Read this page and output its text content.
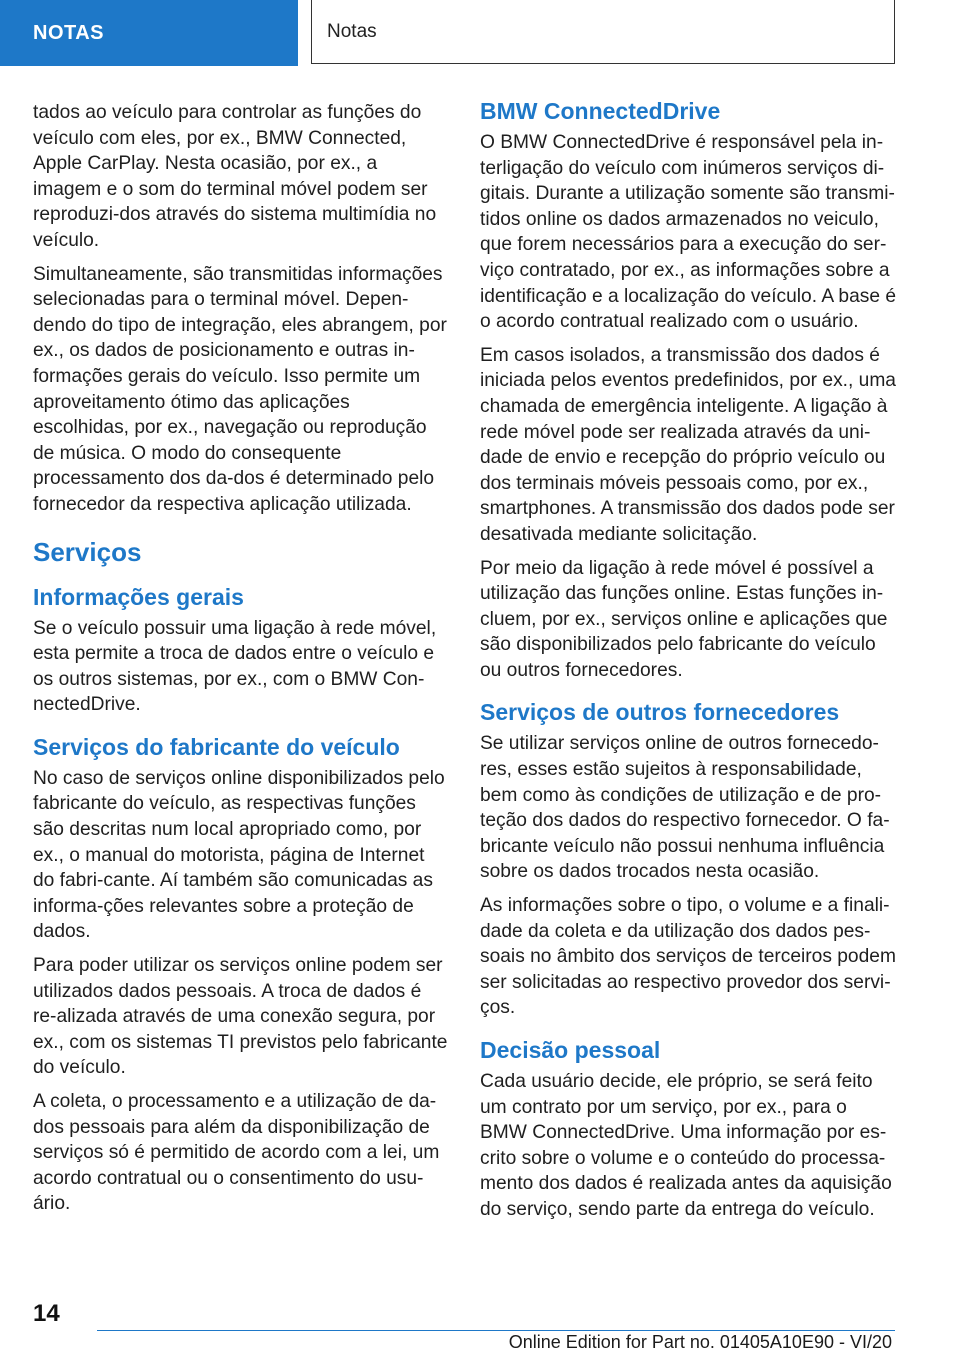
NOTAS	Notas

tados ao veículo para controlar as funções do veículo com eles, por ex., BMW Connected, Apple CarPlay. Nesta ocasião, por ex., a imagem e o som do terminal móvel podem ser reproduzi‐dos através do sistema multimídia no veículo.

Simultaneamente, são transmitidas informações selecionadas para o terminal móvel. Depen‐dendo do tipo de integração, eles abrangem, por ex., os dados de posicionamento e outras in‐formações gerais do veículo. Isso permite um aproveitamento ótimo das aplicações escolhidas, por ex., navegação ou reprodução de música. O modo do consequente processamento dos da‐dos é determinado pelo fornecedor da respectiva aplicação utilizada.

Serviços
Informações gerais

Se o veículo possuir uma ligação à rede móvel, esta permite a troca de dados entre o veículo e os outros sistemas, por ex., com o BMW Con‐nectedDrive.

Serviços do fabricante do veículo

No caso de serviços online disponibilizados pelo fabricante do veículo, as respectivas funções são descritas num local apropriado como, por ex., o manual do motorista, página de Internet do fabri‐cante. Aí também são comunicadas as informa‐ções relevantes sobre a proteção de dados.

Para poder utilizar os serviços online podem ser utilizados dados pessoais. A troca de dados é re‐alizada através de uma conexão segura, por ex., com os sistemas TI previstos pelo fabricante do veículo.

A coleta, o processamento e a utilização de da‐dos pessoais para além da disponibilização de serviços só é permitido de acordo com a lei, um acordo contratual ou o consentimento do usu‐ário.

BMW ConnectedDrive

O BMW ConnectedDrive é responsável pela in‐terligação do veículo com inúmeros serviços di‐gitais. Durante a utilização somente são transmi‐tidos online os dados armazenados no veiculo, que forem necessários para a execução do ser‐viço contratado, por ex., as informações sobre a identificação e a localização do veículo. A base é o acordo contratual realizado com o usuário.

Em casos isolados, a transmissão dos dados é iniciada pelos eventos predefinidos, por ex., uma chamada de emergência inteligente. A ligação à rede móvel pode ser realizada através da uni‐dade de envio e recepção do próprio veículo ou dos terminais móveis pessoais como, por ex., smartphones. A transmissão dos dados pode ser desativada mediante solicitação.

Por meio da ligação à rede móvel é possível a utilização das funções online. Estas funções in‐cluem, por ex., serviços online e aplicações que são disponibilizados pelo fabricante do veículo ou outros fornecedores.

Serviços de outros fornecedores

Se utilizar serviços online de outros fornecedo‐res, esses estão sujeitos à responsabilidade, bem como às condições de utilização e de pro‐teção dos dados do respectivo fornecedor. O fa‐bricante veículo não possui nenhuma influência sobre os dados trocados nesta ocasião.

As informações sobre o tipo, o volume e a finali‐dade da coleta e da utilização dos dados pes‐soais no âmbito dos serviços de terceiros podem ser solicitadas ao respectivo provedor dos servi‐ços.

Decisão pessoal

Cada usuário decide, ele próprio, se será feito um contrato por um serviço, por ex., para o BMW ConnectedDrive. Uma informação por es‐crito sobre o volume e o conteúdo do processa‐mento dos dados é realizada antes da aquisição do serviço, sendo parte da entrega do veículo.

14
Online Edition for Part no. 01405A10E90 - VI/20
